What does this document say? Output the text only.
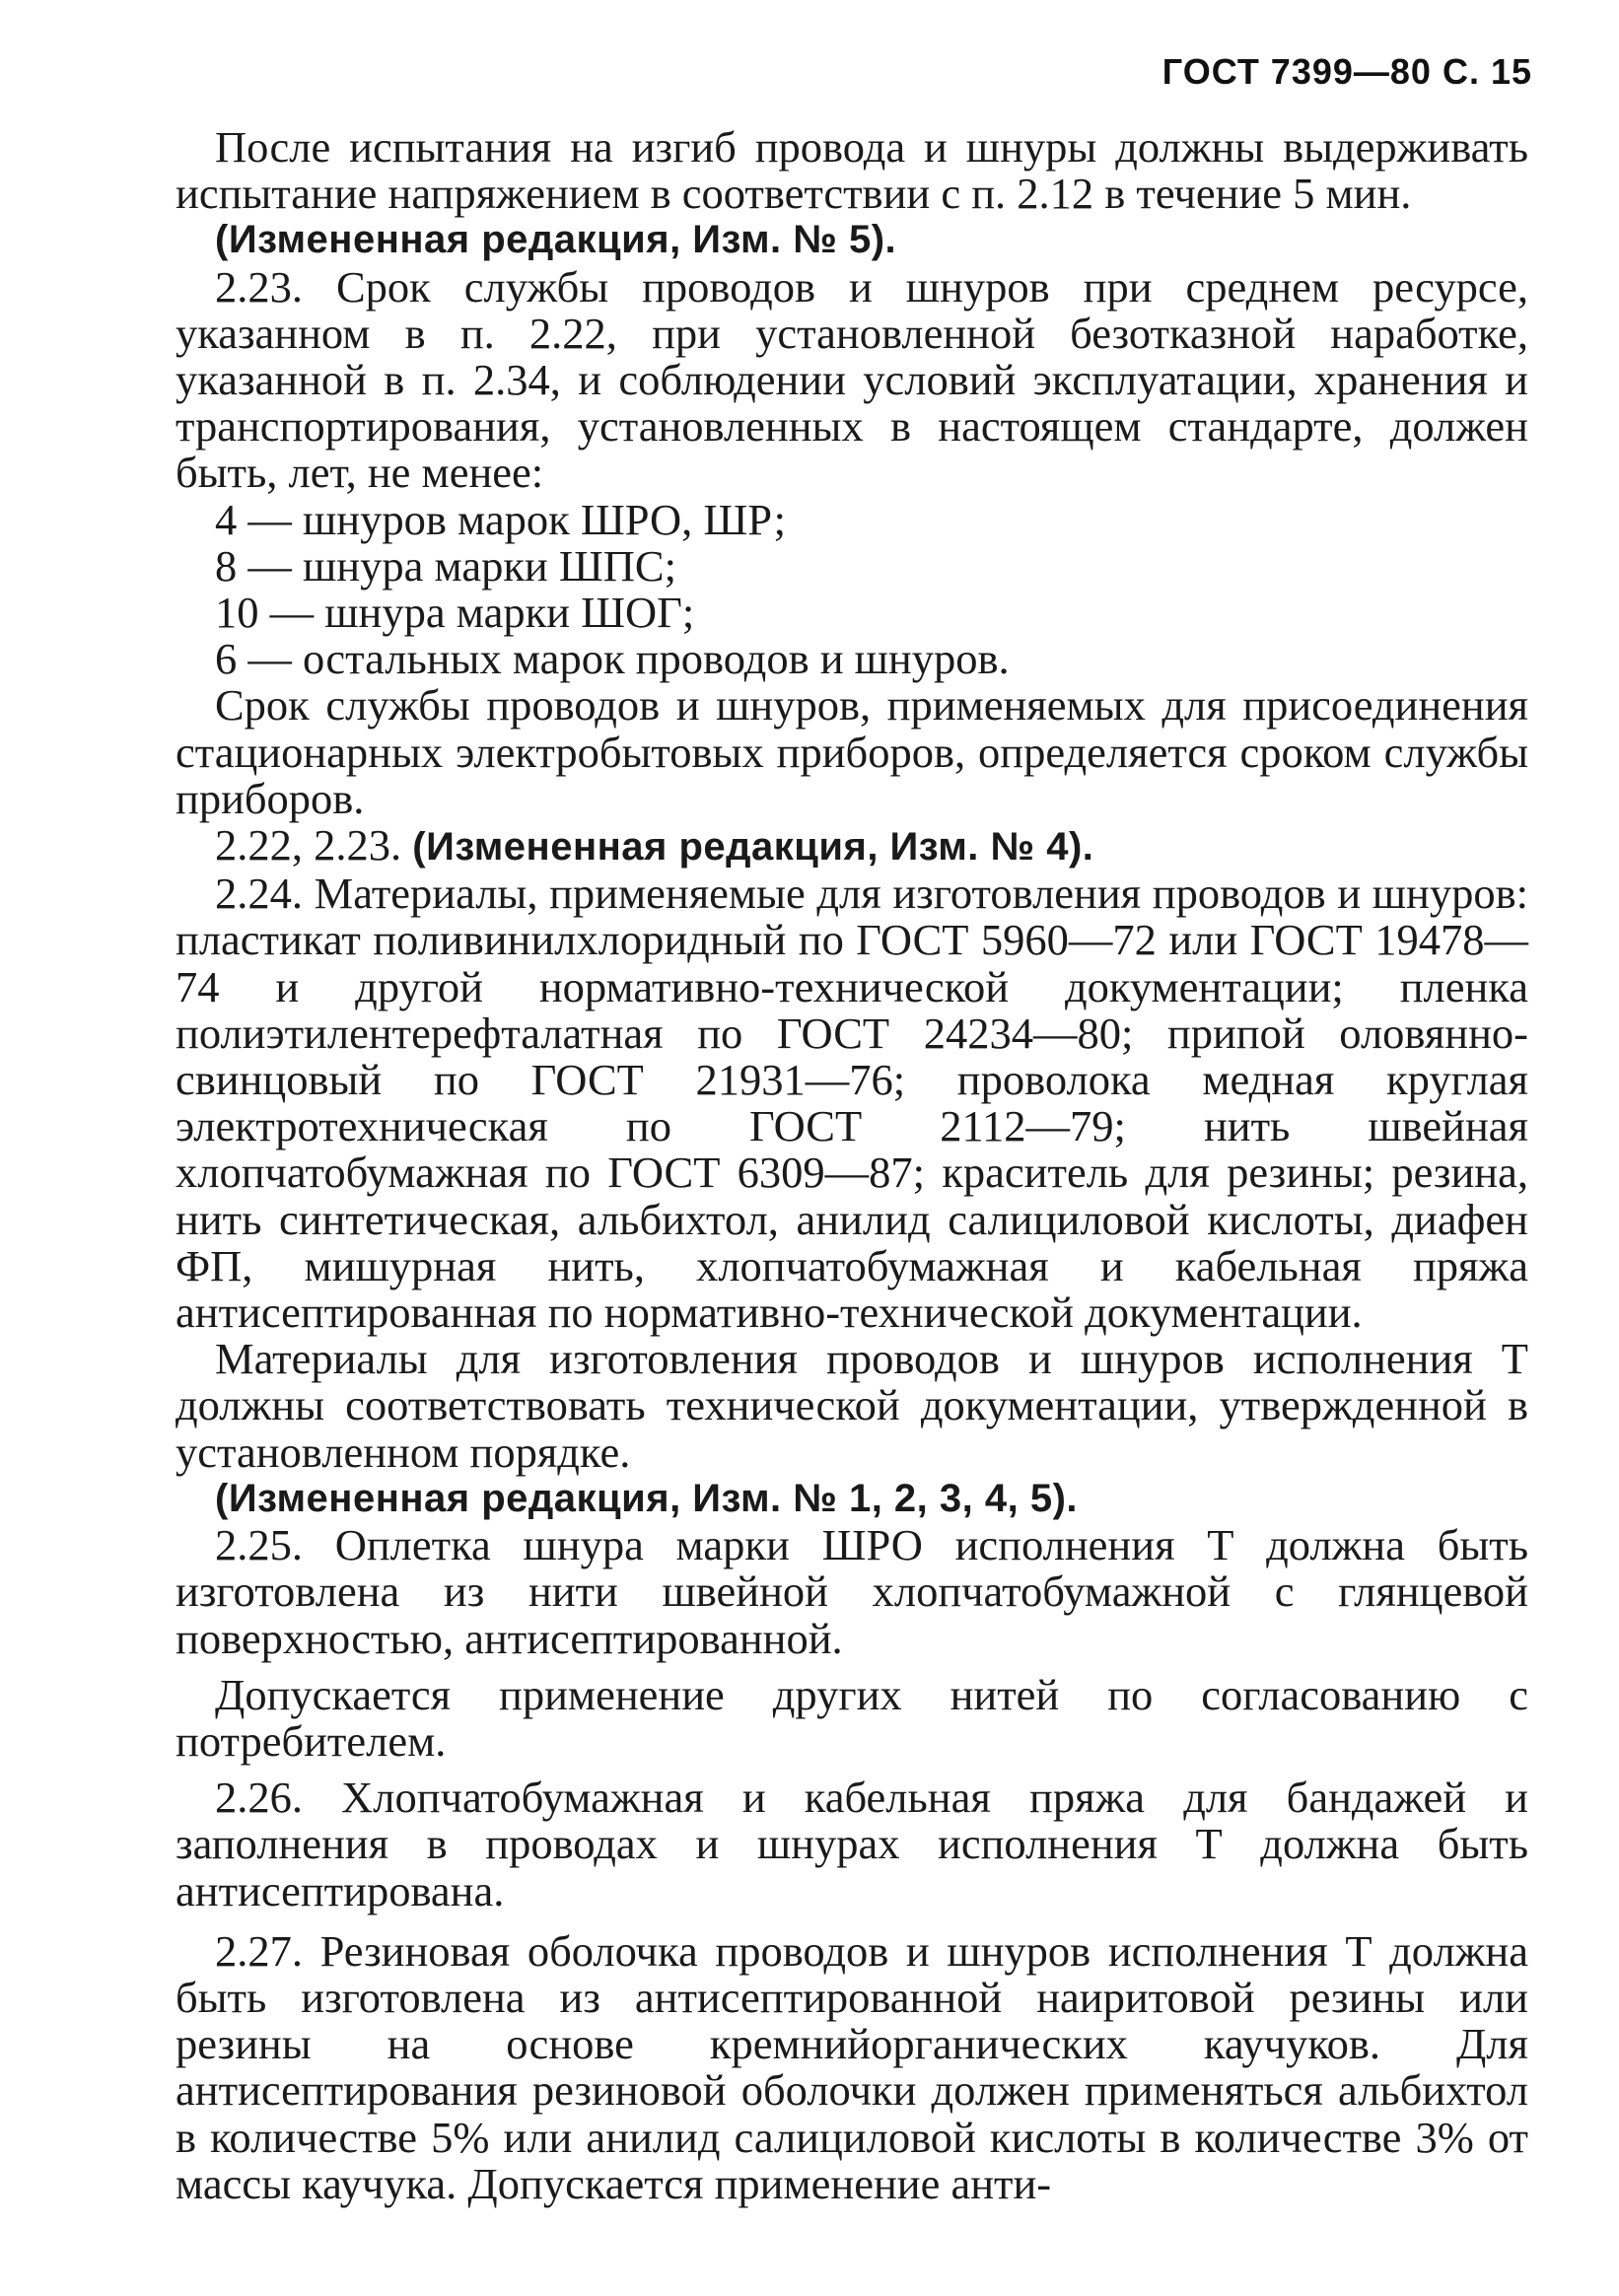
ГОСТ 7399—80 С. 15

После испытания на изгиб провода и шнуры должны выдерживать испытание напряжением в соответствии с п. 2.12 в течение 5 мин.

(Измененная редакция, Изм. № 5).

2.23. Срок службы проводов и шнуров при среднем ресурсе, указанном в п. 2.22, при установленной безотказной наработке, указанной в п. 2.34, и соблюдении условий эксплуатации, хранения и транспортирования, установленных в настоящем стандарте, должен быть, лет, не менее:

4 — шнуров марок ШРО, ШР;

8 — шнура марки ШПС;

10 — шнура марки ШОГ;

6 — остальных марок проводов и шнуров.

Срок службы проводов и шнуров, применяемых для присоединения стационарных электробытовых приборов, определяется сроком службы приборов.

2.22, 2.23. (Измененная редакция, Изм. № 4).

2.24. Материалы, применяемые для изготовления проводов и шнуров: пластикат поливинилхлоридный по ГОСТ 5960—72 или ГОСТ 19478—74 и другой нормативно-технической документации; пленка полиэтилентерефталатная по ГОСТ 24234—80; припой оловянно-свинцовый по ГОСТ 21931—76; проволока медная круглая электротехническая по ГОСТ 2112—79; нить швейная хлопчатобумажная по ГОСТ 6309—87; краситель для резины; резина, нить синтетическая, альбихтол, анилид салициловой кислоты, диафен ФП, мишурная нить, хлопчатобумажная и кабельная пряжа антисептированная по нормативно-технической документации.

Материалы для изготовления проводов и шнуров исполнения Т должны соответствовать технической документации, утвержденной в установленном порядке.

(Измененная редакция, Изм. № 1, 2, 3, 4, 5).

2.25. Оплетка шнура марки ШРО исполнения Т должна быть изготовлена из нити швейной хлопчатобумажной с глянцевой поверхностью, антисептированной.

Допускается применение других нитей по согласованию с потребителем.

2.26. Хлопчатобумажная и кабельная пряжа для бандажей и заполнения в проводах и шнурах исполнения Т должна быть антисептирована.

2.27. Резиновая оболочка проводов и шнуров исполнения Т должна быть изготовлена из антисептированной наиритовой резины или резины на основе кремнийорганических каучуков. Для антисептирования резиновой оболочки должен применяться альбихтол в количестве 5% или анилид салициловой кислоты в количестве 3% от массы каучука. Допускается применение анти-
